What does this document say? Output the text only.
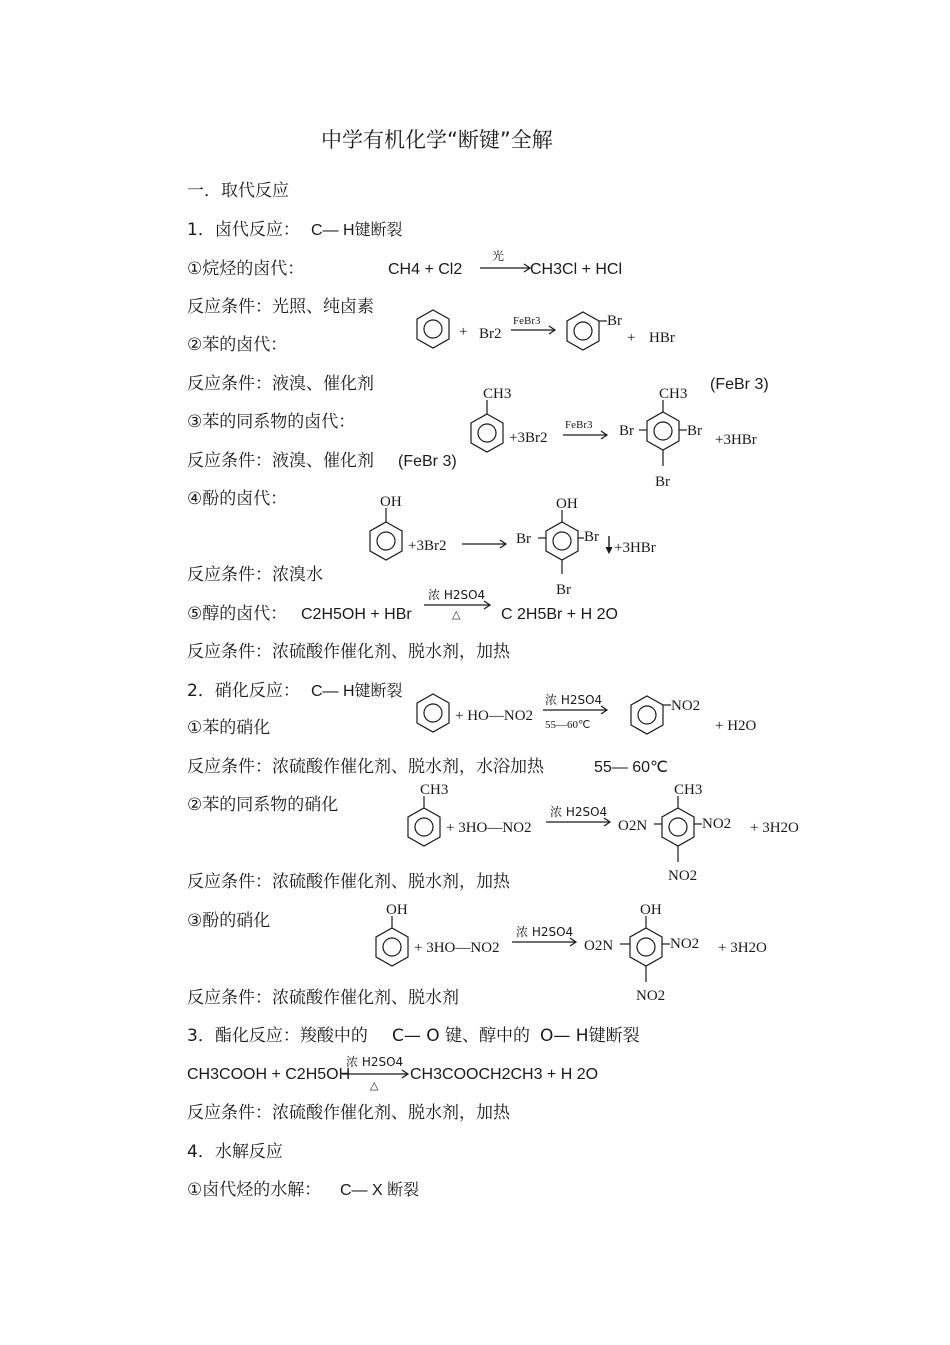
中学有机化学“断键”全解
一．取代反应
1．卤代反应： C— H键断裂
①烷烃的卤代：	CH4 + Cl2
光
CH3Cl + HCl
反应条件：光照、纯卤素
②苯的卤代：
+ Br2
FeBr3	Br
+ HBr
反应条件：液溴、催化剂	(FeBr 3)
③苯的同系物的卤代：
CH3
+3Br2
FeBr3
CH3
Br	Br
Br
+3HBr
反应条件：液溴、催化剂 (FeBr 3)
④酚的卤代：	OH
+3Br2
OH
Br	Br
Br
+3HBr
反应条件：浓溴水
⑤醇的卤代： C2H5OH + HBr
浓 H2SO4
△	C 2H5Br + H 2O
反应条件：浓硫酸作催化剂、脱水剂，加热
2．硝化反应： C— H键断裂
①苯的硝化
+ HO—NO2
浓 H2SO4
55—60℃
NO2
+ H2O
反应条件：浓硫酸作催化剂、脱水剂，水浴加热	55— 60℃
②苯的同系物的硝化
CH3
+ 3HO—NO2
浓 H2SO4
CH3
O2N	NO2
NO2
+ 3H2O
反应条件：浓硫酸作催化剂、脱水剂，加热
③酚的硝化
OH
+ 3HO—NO2
浓 H2SO4
OH
O2N	NO2
NO2
+ 3H2O
反应条件：浓硫酸作催化剂、脱水剂
3．酯化反应：羧酸中的 C— O 键、醇中的 O— H键断裂
CH3COOH + C2H5OH
浓 H2SO4
△
CH3COOCH2CH3 + H 2O
反应条件：浓硫酸作催化剂、脱水剂，加热
4．水解反应
①卤代烃的水解： C— X 断裂
